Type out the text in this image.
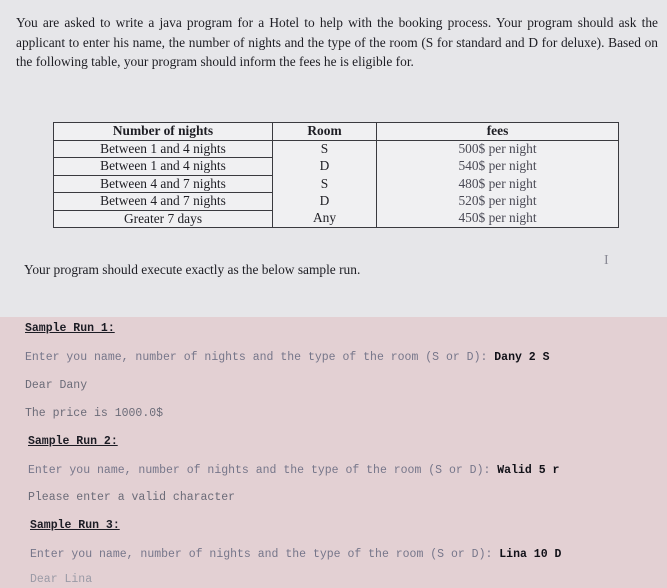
You are asked to write a java program for a Hotel to help with the booking process. Your program should ask the applicant to enter his name, the number of nights and the type of the room (S for standard and D for deluxe). Based on the following table, your program should inform the fees he is eligible for.

Number of nights	Room	fees
Between 1 and 4 nights	S	500$ per night
Between 1 and 4 nights	D	540$ per night
Between 4 and 7 nights	S	480$ per night
Between 4 and 7 nights	D	520$ per night
Greater 7 days	Any	450$ per night
Your program should execute exactly as the below sample run.
I
Sample Run 1:
Enter you name, number of nights and the type of the room (S or D): Dany 2 S
Dear Dany
The price is 1000.0$
Sample Run 2:
Enter you name, number of nights and the type of the room (S or D): Walid 5 r
Please enter a valid character
Sample Run 3:
Enter you name, number of nights and the type of the room (S or D): Lina 10 D
Dear Lina
